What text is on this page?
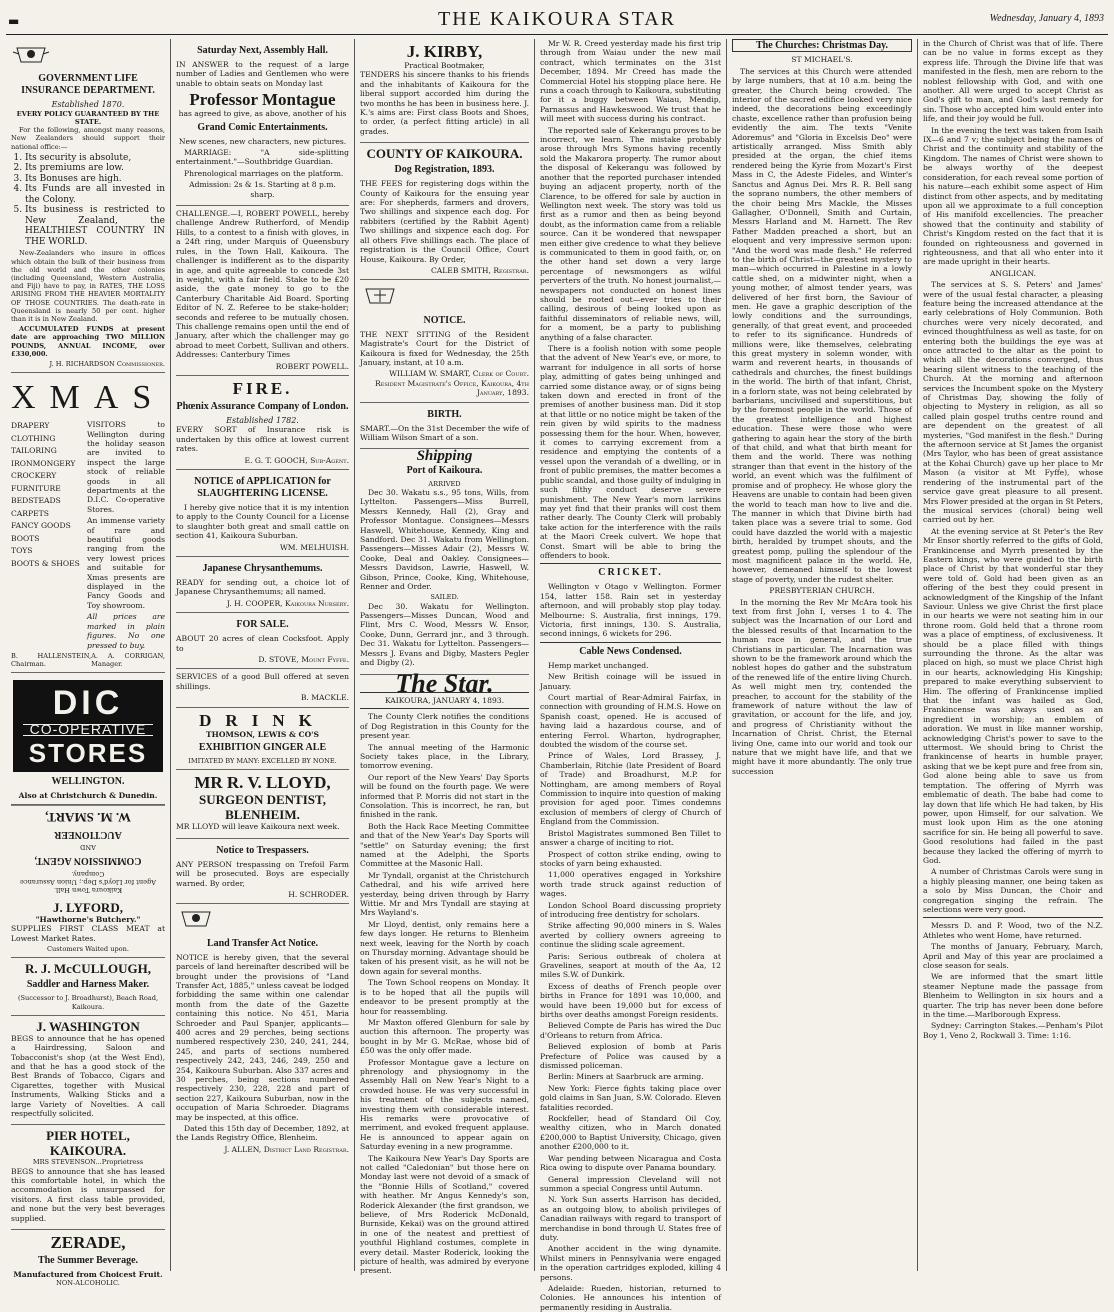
▬	THE KAIKOURA STAR	Wednesday, January 4, 1893
GOVERNMENT LIFE INSURANCE DEPARTMENT.
Established 1870.
EVERY POLICY GUARANTEED BY THE STATE.

For the following, amongst many reasons, New Zealanders should support their national office:—

1. Its security is absolute,
2. Its premiums are low.
3. Its Bonuses are high.
4. Its Funds are all invested in the Colony.
5. Its business is restricted to New Zealand, the HEALTHIEST COUNTRY IN THE WORLD.

New-Zealanders who insure in offices which obtain the bulk of their business from the old world and the other colonies (including Queensland, Western Australia, and Fiji) have to pay, in RATES, THE LOSS ARISING FROM THE HEAVIER MORTALITY OF THOSE COUNTRIES. The death-rate in Queensland is nearly 50 per cent. higher than it is in New Zealand.

ACCUMULATED FUNDS at present date are approaching TWO MILLION POUNDS, ANNUAL INCOME, over £330,000.

J. H. RICHARDSON Commissioner.
XMAS
DRAPERY
CLOTHING
TAILORING
IRONMONGERY
CROCKERY
FURNITURE
BEDSTEADS
CARPETS
FANCY GOODS
BOOTS
TOYS
BOOTS & SHOES

VISITORS to Wellington during the holiday season are invited to inspect the large stock of reliable goods in all departments at the D.I.C. Co-operative Stores.

An immense variety of rare and beautiful goods ranging from the very lowest prices and suitable for Xmas presents are displayed in the Fancy Goods and Toy showroom.

All prices are marked in plain figures. No one pressed to buy.

B. HALLENSTEIN, Chairman.
A. A. CORRIGAN, Manager.
DIC
CO-OPERATIVE
STORES
WELLINGTON.
Also at Christchurch & Dunedin.
Kaikoura Town Hall.
Agent for Lloyd's Dep.; Union Assurance Company.
COMMISSION AGENT,
AND
AUCTIONEER
W. M. SMART,
J. LYFORD,
"Hawthorne's Butchery."

SUPPLIES FIRST CLASS MEAT at Lowest Market Rates.

Customers Waited upon.
R. J. McCULLOUGH,
Saddler and Harness Maker.
(Successor to J. Broadhurst), Beach Road, Kaikoura.
J. WASHINGTON

BEGS to announce that he has opened a Hairdressing, Saloon and Tobacconist's shop (at the West End), and that he has a good stock of the Best Brands of Tobacco, Cigars and Cigarettes, together with Musical Instruments, Walking Sticks and a large Variety of Novelties. A call respectfully solicited.

PIER HOTEL, KAIKOURA.
MRS STEVENSON...Proprietress

BEGS to announce that she has leased this comfortable hotel, in which the accommodation is unsurpassed for visitors. A first class table provided, and none but the very best beverages supplied.

ZERADE,
The Summer Beverage.
Manufactured from Choicest Fruit.
NON-ALCOHOLIC.
Saturday Next, Assembly Hall.

IN ANSWER to the request of a large number of Ladies and Gentlemen who were unable to obtain seats on Monday last

Professor Montague
has agreed to give, as above, another of his
Grand Comic Entertainments.

New scenes, new characters, new pictures.

MARRIAGE: "A side-splitting entertainment."—Southbridge Guardian.

Phrenological marriages on the platform.

Admission: 2s & 1s. Starting at 8 p.m. sharp.

CHALLENGE.—I, ROBERT POWELL, hereby challenge Andrew Rutherford, of Mendip Hills, to a contest to a finish with gloves, in a 24ft ring, under Marquis of Queensbury rules, in the Town Hall, Kaikoura. The challenger is indifferent as to the disparity in age, and quite agreeable to concede 3st in weight, with a fair field. Stake to be £20 aside, the gate money to go to the Canterbury Charitable Aid Board. Sporting Editor of N. Z. Referee to be stake-holder; seconds and referee to be mutually chosen. This challenge remains open until the end of January, after which the challenger may go abroad to meet Corbett, Sullivan and others. Addresses: Canterbury Times

ROBERT POWELL.
FIRE.
Phœnix Assurance Company of London.
Established 1782.

EVERY SORT of Insurance risk is undertaken by this office at lowest current rates.

E. G. T. GOOCH, Sub-Agent.
NOTICE of APPLICATION for SLAUGHTERING LICENSE.

I hereby give notice that it is my intention to apply to the County Council for a License to slaughter both great and small cattle on section 41, Kaikoura Suburban.

WM. MELHUISH.
Japanese Chrysanthemums.

READY for sending out, a choice lot of Japanese Chrysanthemums; all named.

J. H. COOPER, Kaikoura Nursery.
FOR SALE.

ABOUT 20 acres of clean Cocksfoot. Apply to

D. STOVE, Mount Fyffe.

SERVICES of a good Bull offered at seven shillings.

B. MACKLE.
DRINK
THOMSON, LEWIS & CO'S
EXHIBITION GINGER ALE
IMITATED BY MANY: EXCELLED BY NONE.
MR R. V. LLOYD,
SURGEON DENTIST,
BLENHEIM.

MR LLOYD will leave Kaikoura next week.

Notice to Trespassers.

ANY PERSON trespassing on Trefoil Farm will be prosecuted. Boys are especially warned. By order,

H. SCHRODER.
Land Transfer Act Notice.

NOTICE is hereby given, that the several parcels of land hereinafter described will be brought under the provisions of "Land Transfer Act, 1885," unless caveat be lodged forbidding the same within one calendar month from the date of the Gazette containing this notice. No 451, Maria Schroeder and Paul Spanjer, applicants—400 acres and 29 perches, being sections numbered respectively 230, 240, 241, 244, 245, and parts of sections numbered respectively 242, 243, 246, 249, 250 and 254, Kaikoura Suburban. Also 337 acres and 30 perches, being sections numbered respectively 230, 228, 228 and part of section 227, Kaikoura Suburban, now in the occupation of Maria Schroeder. Diagrams may be inspected, at this office.

Dated this 15th day of December, 1892, at the Lands Registry Office, Blenheim.

J. ALLEN, District Land Registrar.
J. KIRBY,
Practical Bootmaker,

TENDERS his sincere thanks to his friends and the inhabitants of Kaikoura for the liberal support accorded him during the two months he has been in business here. J. K.'s aims are: First class Boots and Shoes, to order, (a perfect fitting article) in all grades.

COUNTY OF KAIKOURA.
Dog Registration, 1893.

THE FEES for registering dogs within the County of Kaikoura for the ensuing year are: For shepherds, farmers and drovers, Two shillings and sixpence each dog. For rabbiters (certified by the Rabbit Agent) Two shillings and sixpence each dog. For all others Five shillings each. The place of registration is the Council Office, Court House, Kaikoura. By Order,

CALEB SMITH, Registrar.
NOTICE.

THE NEXT SITTING of the Resident Magistrate's Court for the District of Kaikoura is fixed for Wednesday, the 25th January, instant, at 10 a.m.

WILLIAM W. SMART, Clerk of Court. Resident Magistrate's Office, Kaikoura, 4th January, 1893.
BIRTH.

SMART.—On the 31st December the wife of William Wilson Smart of a son.

Shipping
Port of Kaikoura.
ARRIVED

Dec 30. Wakatu s.s., 95 tons, Wills, from Lyttelton. Passengers—Miss Burrell, Messrs Kennedy, Hall (2), Gray and Professor Montague. Consignees—Messrs Haswell, Whitehouse, Kennedy, King and Sandford. Dec 31. Wakatu from Wellington. Passengers—Misses Adair (2), Messrs W. Cooke, Deal and Oakley. Consignees—Messrs Davidson, Lawrie, Haswell, W. Gibson, Prince, Cooke, King, Whitehouse, Renner and Order.

SAILED.

Dec 30. Wakatu for Wellington. Passengers—Misses Duncan, Wood and Flint, Mrs C. Wood, Messrs W. Ensor, Cooke, Dunn, Gerrard jnr., and 3 through. Dec 31. Wakatu for Lyttelton. Passengers—Messrs J. Evans and Digby, Masters Pegler and Digby (2).

The Star.
KAIKOURA, JANUARY 4, 1893.

The County Clerk notifies the conditions of Dog Registration in this County for the present year.

The annual meeting of the Harmonic Society takes place, in the Library, tomorrow evening.

Our report of the New Years' Day Sports will be found on the fourth page. We were informed that P. Morris did not start in the Consolation. This is incorrect, he ran, but finished in the rank.

Both the Hack Race Meeting Committee and that of the New Year's Day Sports will "settle" on Saturday evening; the first named at the Adelphi, the Sports Committee at the Masonic Hall.

Mr Tyndall, organist at the Christchurch Cathedral, and his wife arrived here yesterday, being driven through by Harry Wittie. Mr and Mrs Tyndall are staying at Mrs Wayland's.

Mr Lloyd, dentist, only remains here a few days longer. He returns to Blenheim next week, leaving for the North by coach on Thursday morning. Advantage should be taken of his present visit, as he will not be down again for several months.

The Town School reopens on Monday. It is to be hoped that all the pupils will endeavor to be present promptly at the hour for reassembling.

Mr Maxton offered Glenburn for sale by auction this afternoon. The property was bought in by Mr G. McRae, whose bid of £50 was the only offer made.

Professor Montague gave a lecture on phrenology and physiognomy in the Assembly Hall on New Year's Night to a crowded house. He was very successful in his treatment of the subjects named, investing them with considerable interest. His remarks were provocative of merriment, and evoked frequent applause. He is announced to appear again on Saturday evening in a new programme.

The Kaikoura New Year's Day Sports are not called "Caledonian" but those here on Monday last were not devoid of a smack of the "Bonnie Hills of Scotland," covered with heather. Mr Angus Kennedy's son, Roderick Alexander (the first grandson, we believe, of Mrs Roderick McDonald, Burnside, Kekai) was on the ground attired in one of the neatest and prettiest of youthful Highland costumes, complete in every detail. Master Roderick, looking the picture of health, was admired by everyone present.

Mr W. R. Creed yesterday made his first trip through from Waiau under the new mail contract, which terminates on the 31st December, 1894. Mr Creed has made the Commercial Hotel his stopping place here. He runs a coach through to Kaikoura, substituting for it a buggy between Waiau, Mendip, Parnassus and Hawkeswood. We trust that he will meet with success during his contract.

The reported sale of Kekerangu proves to be incorrect, we learn. The mistake probably arose through Mrs Symons having recently sold the Makarora property. The rumor about the disposal of Kekerangu was followed by another that the reported purchaser intended buying an adjacent property, north of the Clarence, to be offered for sale by auction in Wellington next week. The story was told us first as a rumor and then as being beyond doubt, as the information came from a reliable source. Can it be wondered that newspaper men either give credence to what they believe is communicated to them in good faith, or, on the other hand set down a very large percentage of newsmongers as wilful perverters of the truth. No honest journalist,—newspapers not conducted on honest lines should be rooted out—ever tries to their calling, desirous of being looked upon as faithful disseminators of reliable news, will, for a moment, be a party to publishing anything of a false character.

There is a foolish notion with some people that the advent of New Year's eve, or more, to warrant for indulgence in all sorts of horse play, admitting of gates being unhinged and carried some distance away, or of signs being taken down and erected in front of the premises of another business man. Did it stop at that little or no notice might be taken of the rein given by wild spirits to the madness possessing them for the hour. When, however, it comes to carrying excrement from a residence and emptying the contents of a vessel upon the verandah of a dwelling, or in front of public premises, the matter becomes a public scandal, and those guilty of indulging in such filthy conduct deserve severe punishment. The New Year's morn larrikins may yet find that their pranks will cost them rather dearly. The County Clerk will probably take action for the interference with the rails at the Maori Creek culvert. We hope that Const. Smart will be able to bring the offenders to book.

CRICKET.

Wellington v Otago v Wellington. Former 154, latter 158. Rain set in yesterday afternoon, and will probably stop play today. Melbourne: S. Australia, first innings, 179. Victoria, first innings, 130. S. Australia, second innings, 6 wickets for 296.

Cable News Condensed.

Hemp market unchanged.

New British coinage will be issued in January.

Court martial of Rear-Admiral Fairfax, in connection with grounding of H.M.S. Howe on Spanish coast, opened. He is accused of having laid a hazardous course, and of entering Ferrol. Wharton, hydrographer, doubted the wisdom of the course set.

Prince of Wales, Lord Brassey, J. Chamberlain, Ritchie (late President of Board of Trade) and Broadhurst, M.P. for Nottingham, are among members of Royal Commission to inquire into question of making provision for aged poor. Times condemns exclusion of members of clergy of Church of England from the Commission.

Bristol Magistrates summoned Ben Tillet to answer a charge of inciting to riot.

Prospect of cotton strike ending, owing to stocks of yarn being exhausted.

11,000 operatives engaged in Yorkshire worth trade struck against reduction of wages.

London School Board discussing propriety of introducing free dentistry for scholars.

Strike affecting 90,000 miners in S. Wales averted by colliery owners agreeing to continue the sliding scale agreement.

Paris: Serious outbreak of cholera at Gravelines, seaport at mouth of the Aa, 12 miles S.W. of Dunkirk.

Excess of deaths of French people over births in France for 1891 was 10,000, and would have been 19,000 but for excess of births over deaths amongst Foreign residents.

Believed Compte de Paris has wired the Duc d'Orleans to return from Africa.

Believed explosion of bomb at Paris Prefecture of Police was caused by a dismissed policeman.

Berlin: Miners at Saarbruck are arming.

New York: Fierce fights taking place over gold claims in San Juan, S.W. Colorado. Eleven fatalities recorded.

Rockfeller, head of Standard Oil Coy, wealthy citizen, who in March donated £200,000 to Baptist University, Chicago, given another £200,000 to it.

War pending between Nicaragua and Costa Rica owing to dispute over Panama boundary.

General impression Cleveland will not summon a special Congress until Autumn.

N. York Sun asserts Harrison has decided, as an outgoing blow, to abolish privileges of Canadian railways with regard to transport of merchandise in bond through U. States free of duty.

Another accident in the wing dynamite. Whilst miners in Pennsylvania were engaged in the operation cartridges exploded, killing 4 persons.

Adelaide: Rueden, historian, returned to Colonies. He announces his intention of permanently residing in Australia.

The Churches: Christmas Day.
ST MICHAEL'S.

The services at this Church were attended by large numbers, that at 10 a.m. being the greater, the Church being crowded. The interior of the sacred edifice looked very nice indeed, the decorations being exceedingly chaste, excellence rather than profusion being evidently the aim. The texts "Venite Adoremus" and "Gloria in Excelsis Deo" were artistically arranged. Miss Smith ably presided at the organ, the chief items rendered being the Kyrie from Mozart's First Mass in C, the Adeste Fideles, and Winter's Sanctus and Agnus Dei. Mrs R. R. Bell sang the soprano numbers, the other members of the choir being Mrs Mackle, the Misses Gallagher, O'Donnell, Smith and Curtain, Messrs Harland and M. Harnett. The Rev Father Madden preached a short, but an eloquent and very impressive sermon upon: "And the word was made flesh." He referred to the birth of Christ—the greatest mystery to man—which occurred in Palestine in a lowly cattle shed, on a midwinter night, when a young mother, of almost tender years, was delivered of her first born, the Saviour of men. He gave a graphic description of the lowly conditions and the surroundings, generally, of that great event, and proceeded to refer to its significance. Hundreds of millions were, like themselves, celebrating this great mystery in solemn wonder, with warm and reverent hearts, in thousands of cathedrals and churches, the finest buildings in the world. The birth of that infant, Christ, in a forlorn state, was not being celebrated by barbarians, uncivilised and superstitious, but by the foremost people in the world. Those of the greatest intelligence and highest education. These were those who were gathering to again hear the story of the birth of that child, and what that birth meant for them and the world. There was nothing stranger than that event in the history of the world, an event which was the fulfilment of promise and of prophecy. He whose glory the Heavens are unable to contain had been given the world to teach man how to live and die. The manner in which that Divine birth had taken place was a severe trial to some. God could have dazzled the world with a majestic birth, heralded by trumpet shouts, and the greatest pomp, pulling the splendour of the most magnificent palace in the world. He, however, demeaned himself to the lowest stage of poverty, under the rudest shelter.

PRESBYTERIAN CHURCH.

In the morning the Rev Mr McAra took his text from first John I, verses 1 to 4. The subject was the Incarnation of our Lord and the blessed results of that Incarnation to the human race in general, and the true Christians in particular. The Incarnation was shown to be the framework around which the noblest hopes do gather and the substratum of the renewed life of the entire living Church. As well might men try, contended the preacher, to account for the stability of the framework of nature without the law of gravitation, or account for the life, and joy, and progress of Christianity without the Incarnation of Christ. Christ, the Eternal living One, came into our world and took our nature that we might have life, and that we might have it more abundantly. The only true succession

in the Church of Christ was that of life. There can be no value in forms except as they express life. Through the Divine life that was manifested in the flesh, men are reborn to the noblest fellowship with God, and with one another. All were urged to accept Christ as God's gift to man, and God's last remedy for sin. Those who accepted him would enter into life, and their joy would be full.

In the evening the text was taken from Isaih IX—6 and 7 v; the subject being the names of Christ and the continuity and stability of the Kingdom. The names of Christ were shown to be always worthy of the deepest consideration, for each reveal some portion of his nature—each exhibit some aspect of Him distinct from other aspects, and by meditating upon all we approximate to a full conception of His manifold excellencies. The preacher showed that the continuity and stability of Christ's Kingdom rested on the fact that it is founded on righteousness and governed in righteousness, and that all who enter into it are made upright in their hearts.

ANGLICAN.

The services at S. S. Peters' and James' were of the usual festal character, a pleasing feature being the increased attendance at the early celebrations of Holy Communion. Both churches were very nicely decorated, and evinced thoughtfulness as well as taste, for on entering both the buildings the eye was at once attracted to the altar as the point to which all the decorations converged, thus bearing silent witness to the teaching of the Church. At the morning and afternoon services the Incumbent spoke on the Mystery of Christmas Day, showing the folly of objecting to Mystery in religion, as all so called plain gospel truths centre round and are dependent on the greatest of all mysteries, "God manifest in the flesh." During the afternoon service at St James the organist (Mrs Taylor, who has been of great assistance at the Kohai Church) gave up her place to Mr Mason (a visitor at Mt Fyffe), whose rendering of the instrumental part of the service gave great pleasure to all present. Mrs Flower presided at the organ in St Peters, the musical services (choral) being well carried out by her.

At the evening service at St Peter's the Rev Mr Ensor shortly referred to the gifts of Gold, Frankincense and Myrrh presented by the Eastern kings, who were guided to the birth place of Christ by that wonderful star they were told of. Gold had been given as an offering of the best they could present in acknowledgment of the Kingship of the Infant Saviour. Unless we give Christ the first place in our hearts we were not seating him in our throne room. Gold held that a throne room was a place of emptiness, of exclusiveness. It should be a place filled with things surrounding the throne. As the altar was placed on high, so must we place Christ high in our hearts, acknowledging His Kingship; prepared to make everything subservient to Him. The offering of Frankincense implied that the infant was hailed as God, Frankincense was always used as an ingredient in worship; an emblem of adoration. We must in like manner worship, acknowledging Christ's power to save to the uttermost. We should bring to Christ the frankincense of hearts in humble prayer, asking that we be kept pure and free from sin, God alone being able to save us from temptation. The offering of Myrrh was emblematic of death. The babe had come to lay down that life which He had taken, by His power, upon Himself, for our salvation. We must look upon Him as the one atoning sacrifice for sin. He being all powerful to save. Good resolutions had failed in the past because they lacked the offering of myrrh to God.

A number of Christmas Carols were sung in a highly pleasing manner, one being taken as a solo by Miss Duncan, the Choir and congregation singing the refrain. The selections were very good.

Messrs D. and P. Wood, two of the N.Z. Athletes who went Home, have returned.

The months of January, February, March, April and May of this year are proclaimed a close season for seals.

We are informed that the smart little steamer Neptune made the passage from Blenheim to Wellington in six hours and a quarter. The trip has never been done before in the time.—Marlborough Express.

Sydney: Carrington Stakes.—Penham's Pilot Boy 1, Veno 2, Rockwall 3. Time: 1:16.
